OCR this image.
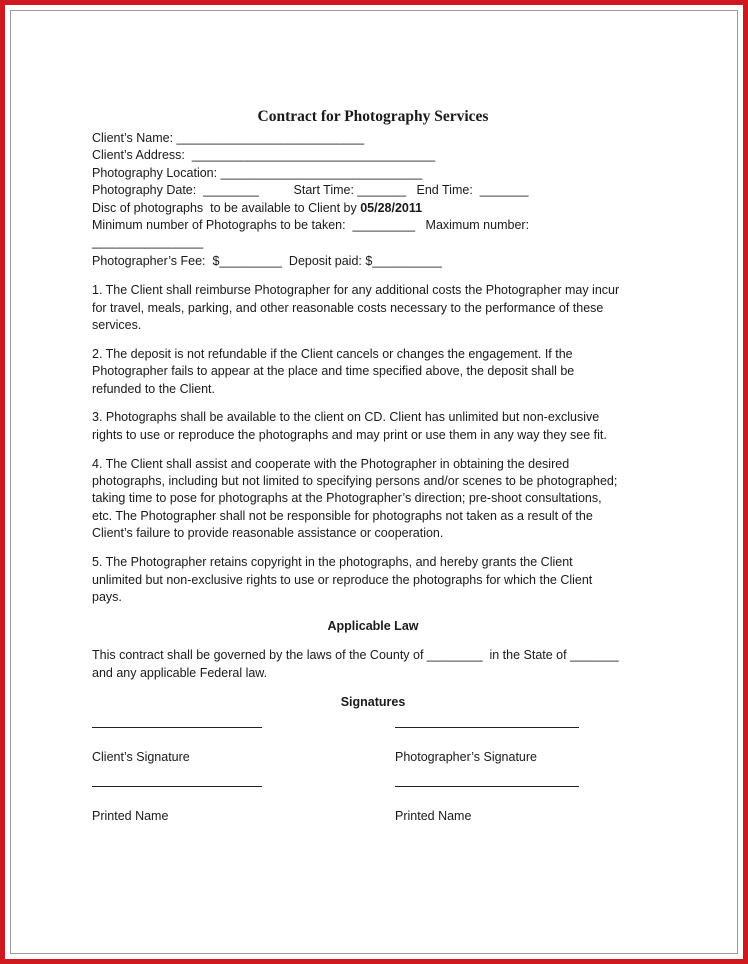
Contract for Photography Services
Client’s Name: ___________________________
Client’s Address:  ___________________________________
Photography Location: _____________________________
Photography Date:  ________          Start Time: _______   End Time:  _______
Disc of photographs  to be available to Client by 05/28/2011
Minimum number of Photographs to be taken:  _________   Maximum number:
________________
Photographer’s Fee:  $_________  Deposit paid: $__________
1. The Client shall reimburse Photographer for any additional costs the Photographer may incur
for travel, meals, parking, and other reasonable costs necessary to the performance of these
services.
2. The deposit is not refundable if the Client cancels or changes the engagement. If the
Photographer fails to appear at the place and time specified above, the deposit shall be
refunded to the Client.
3. Photographs shall be available to the client on CD. Client has unlimited but non-exclusive
rights to use or reproduce the photographs and may print or use them in any way they see fit.
4. The Client shall assist and cooperate with the Photographer in obtaining the desired
photographs, including but not limited to specifying persons and/or scenes to be photographed;
taking time to pose for photographs at the Photographer’s direction; pre-shoot consultations,
etc. The Photographer shall not be responsible for photographs not taken as a result of the
Client’s failure to provide reasonable assistance or cooperation.
5. The Photographer retains copyright in the photographs, and hereby grants the Client
unlimited but non-exclusive rights to use or reproduce the photographs for which the Client
pays.
Applicable Law
This contract shall be governed by the laws of the County of ________  in the State of _______
and any applicable Federal law.
Signatures
Client’s Signature	Photographer’s Signature
Printed Name	Printed Name
